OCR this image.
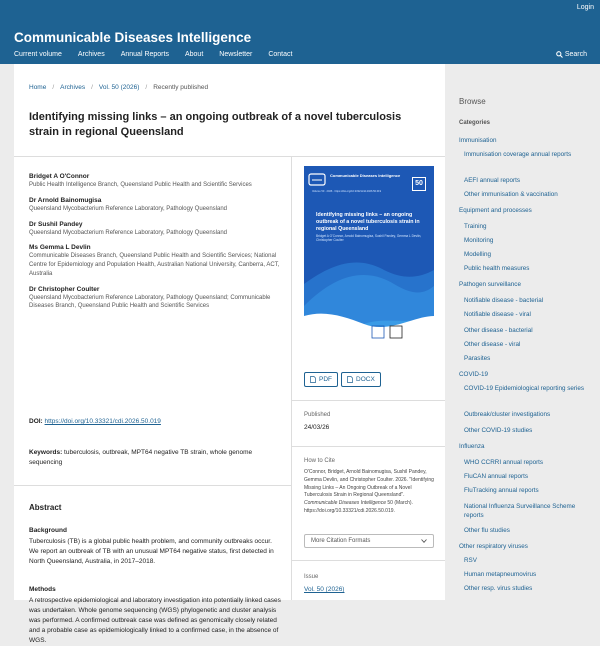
Login
Communicable Diseases Intelligence
Current volume Archives Annual Reports About Newsletter Contact	Search
Home / Archives / Vol. 50 (2026) / Recently published
Identifying missing links – an ongoing outbreak of a novel tuberculosis strain in regional Queensland
Bridget A O'Connor
Public Health Intelligence Branch, Queensland Public Health and Scientific Services
Dr Arnold Bainomugisa
Queensland Mycobacterium Reference Laboratory, Pathology Queensland
Dr Sushil Pandey
Queensland Mycobacterium Reference Laboratory, Pathology Queensland
Ms Gemma L Devlin
Communicable Diseases Branch, Queensland Public Health and Scientific Services; National Centre for Epidemiology and Population Health, Australian National University, Canberra, ACT, Australia
Dr Christopher Coulter
Queensland Mycobacterium Reference Laboratory, Pathology Queensland; Communicable Diseases Branch, Queensland Public Health and Scientific Services
DOI: https://doi.org/10.33321/cdi.2026.50.019
Keywords: tuberculosis, outbreak, MPT64 negative TB strain, whole genome sequencing
Abstract
Background
Tuberculosis (TB) is a global public health problem, and community outbreaks occur. We report an outbreak of TB with an unusual MPT64 negative status, first detected in North Queensland, Australia, in 2017–2018.
Methods
A retrospective epidemiological and laboratory investigation into potentially linked cases was undertaken. Whole genome sequencing (WGS) phylogenetic and cluster analysis was performed. A confirmed outbreak case was defined as genomically closely related and a probable case as epidemiologically linked to a confirmed case, in the absence of WGS.
Communicable Diseases Intelligence
Volume 50 · 2026 · https://doi.org/10.33321/cdi.2026.50.019
50
Identifying missing links – an ongoing outbreak of a novel tuberculosis strain in regional Queensland
Bridget A O'Connor, Arnold Bainomugisa, Sushil Pandey, Gemma L Devlin, Christopher Coulter
PDF	DOCX
Published
24/03/26
How to Cite
O'Connor, Bridget, Arnold Bainomugisa, Sushil Pandey, Gemma Devlin, and Christopher Coulter. 2026. "Identifying Missing Links – An Ongoing Outbreak of a Novel Tuberculosis Strain in Regional Queensland". Communicable Diseases Intelligence 50 (March). https://doi.org/10.33321/cdi.2026.50.019.
More Citation Formats
Issue
Vol. 50 (2026)
Browse
Categories
Immunisation
Immunisation coverage annual reports
AEFI annual reports
Other immunisation & vaccination
Equipment and processes
Training
Monitoring
Modelling
Public health measures
Pathogen surveillance
Notifiable disease - bacterial
Notifiable disease - viral
Other disease - bacterial
Other disease - viral
Parasites
COVID-19
COVID-19 Epidemiological reporting series
Outbreak/cluster investigations
Other COVID-19 studies
Influenza
WHO CCRRI annual reports
FluCAN annual reports
FluTracking annual reports
National Influenza Surveillance Scheme reports
Other flu studies
Other respiratory viruses
RSV
Human metapneumovirus
Other resp. virus studies
